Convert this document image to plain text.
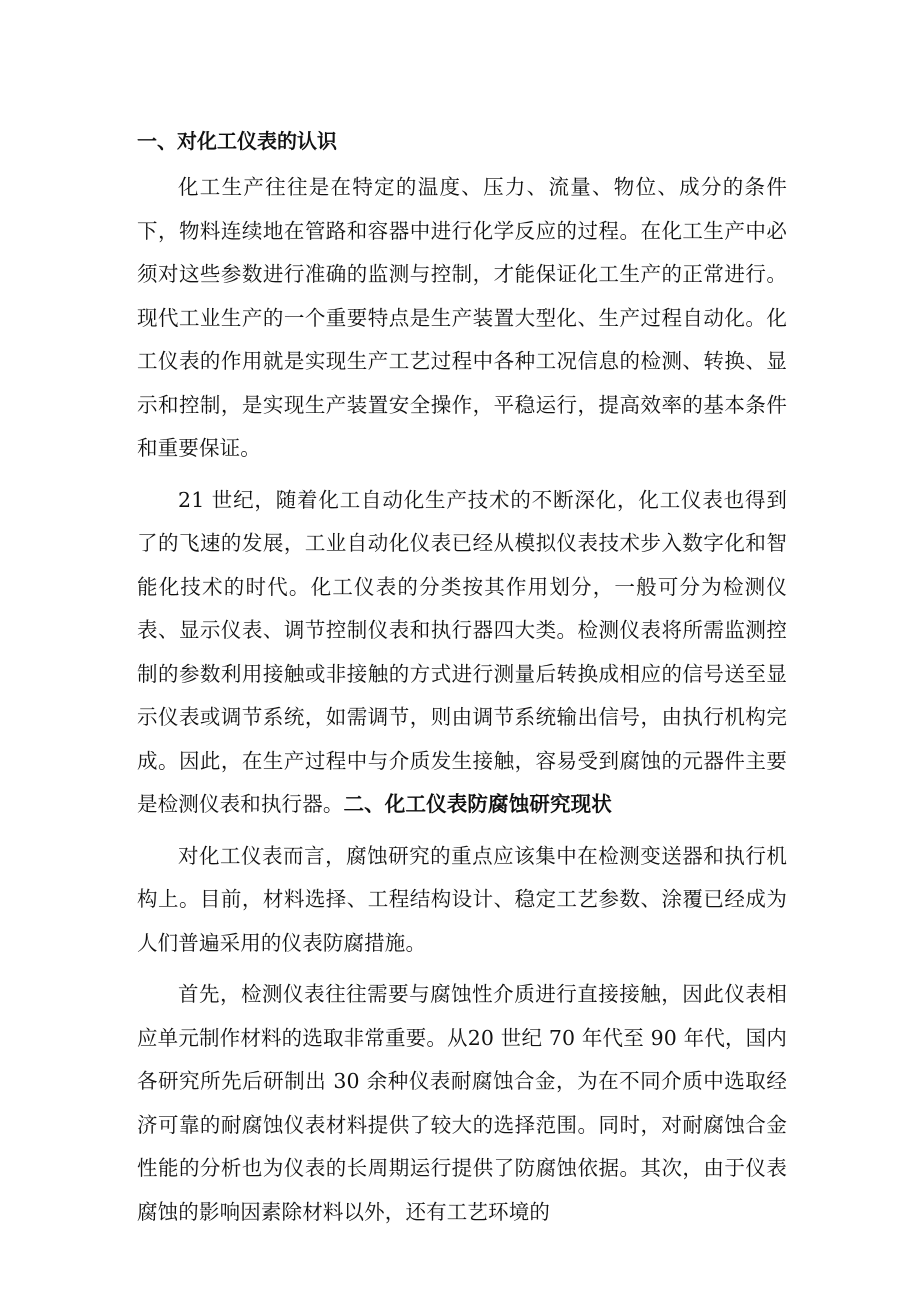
一、对化工仪表的认识

化工生产往往是在特定的温度、压力、流量、物位、成分的条件下，物料连续地在管路和容器中进行化学反应的过程。在化工生产中必须对这些参数进行准确的监测与控制，才能保证化工生产的正常进行。现代工业生产的一个重要特点是生产装置大型化、生产过程自动化。化工仪表的作用就是实现生产工艺过程中各种工况信息的检测、转换、显示和控制，是实现生产装置安全操作，平稳运行，提高效率的基本条件和重要保证。

21 世纪，随着化工自动化生产技术的不断深化，化工仪表也得到了的飞速的发展，工业自动化仪表已经从模拟仪表技术步入数字化和智能化技术的时代。化工仪表的分类按其作用划分，一般可分为检测仪表、显示仪表、调节控制仪表和执行器四大类。检测仪表将所需监测控制的参数利用接触或非接触的方式进行测量后转换成相应的信号送至显示仪表或调节系统，如需调节，则由调节系统输出信号，由执行机构完成。因此，在生产过程中与介质发生接触，容易受到腐蚀的元器件主要是检测仪表和执行器。二、化工仪表防腐蚀研究现状

对化工仪表而言，腐蚀研究的重点应该集中在检测变送器和执行机构上。目前，材料选择、工程结构设计、稳定工艺参数、涂覆已经成为人们普遍采用的仪表防腐措施。

首先，检测仪表往往需要与腐蚀性介质进行直接接触，因此仪表相应单元制作材料的选取非常重要。从20 世纪 70 年代至 90 年代，国内各研究所先后研制出 30 余种仪表耐腐蚀合金，为在不同介质中选取经济可靠的耐腐蚀仪表材料提供了较大的选择范围。同时，对耐腐蚀合金性能的分析也为仪表的长周期运行提供了防腐蚀依据。其次，由于仪表腐蚀的影响因素除材料以外，还有工艺环境的
